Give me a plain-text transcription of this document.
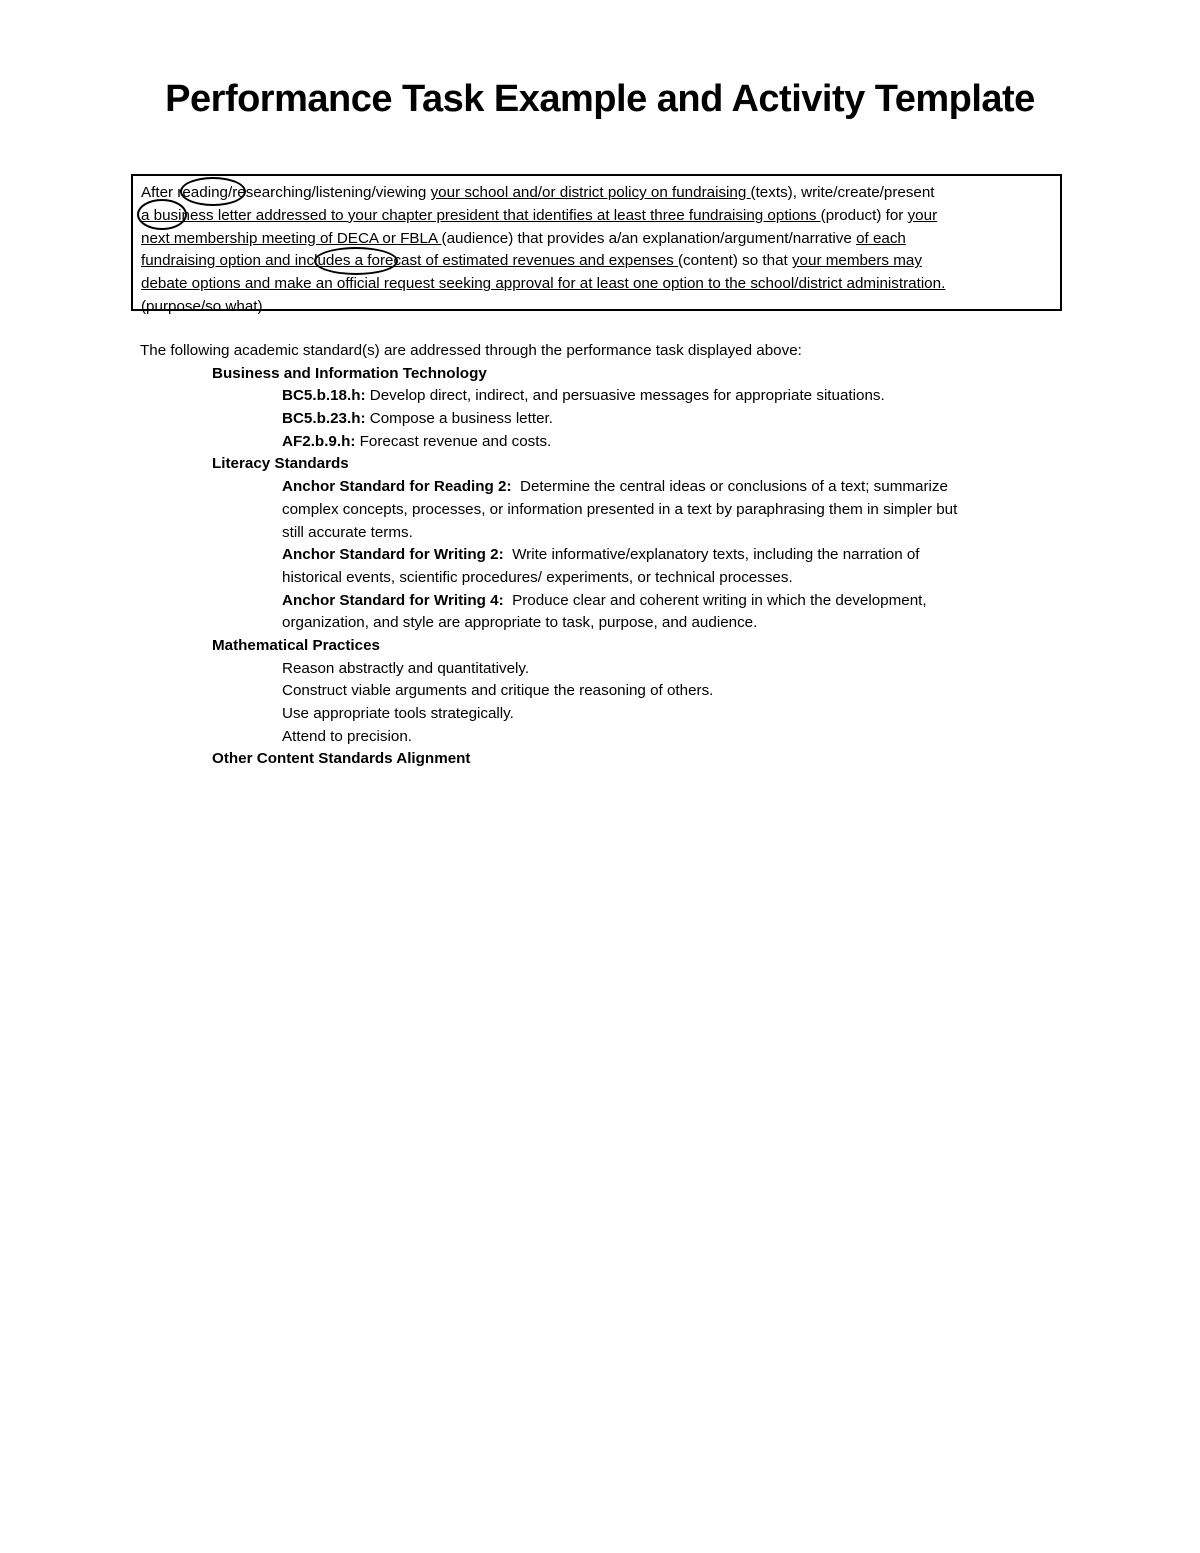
Performance Task Example and Activity Template
After reading/researching/listening/viewing your school and/or district policy on fundraising (texts), write/create/present
a business letter addressed to your chapter president that identifies at least three fundraising options (product) for your
next membership meeting of DECA or FBLA (audience) that provides a/an explanation/argument/narrative of each
fundraising option and includes a forecast of estimated revenues and expenses (content) so that your members may
debate options and make an official request seeking approval for at least one option to the school/district administration.
(purpose/so what).
The following academic standard(s) are addressed through the performance task displayed above:
Business and Information Technology
BC5.b.18.h: Develop direct, indirect, and persuasive messages for appropriate situations.
BC5.b.23.h: Compose a business letter.
AF2.b.9.h: Forecast revenue and costs.
Literacy Standards
Anchor Standard for Reading 2:  Determine the central ideas or conclusions of a text; summarize
complex concepts, processes, or information presented in a text by paraphrasing them in simpler but
still accurate terms.
Anchor Standard for Writing 2:  Write informative/explanatory texts, including the narration of
historical events, scientific procedures/ experiments, or technical processes.
Anchor Standard for Writing 4:  Produce clear and coherent writing in which the development,
organization, and style are appropriate to task, purpose, and audience.
Mathematical Practices
Reason abstractly and quantitatively.
Construct viable arguments and critique the reasoning of others.
Use appropriate tools strategically.
Attend to precision.
Other Content Standards Alignment
